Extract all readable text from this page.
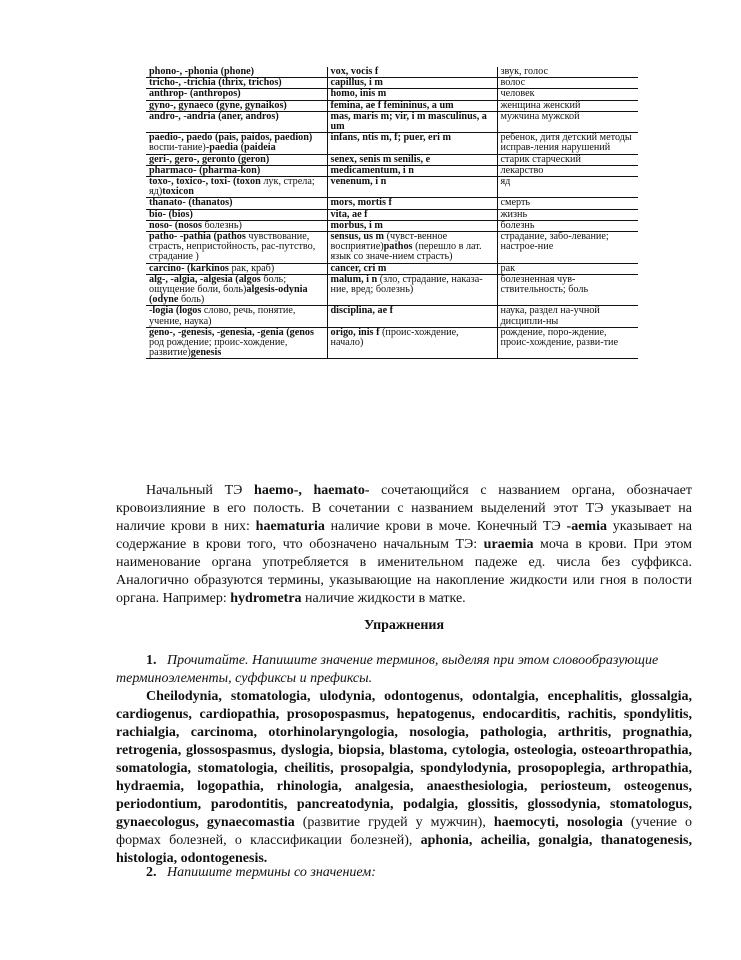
phono-, -phonia (phone)	vox, vocis f	звук, голос
tricho-, -trichia (thrix, trichos)	capillus, i m	волос
anthrop- (anthropos)	homo, inis m	человек
gyno-, gynaeco (gyne, gynaikos)	femina, ae f femininus, a um	женщина женский
andro-, -andria (aner, andros)	mas, maris m; vir, i m masculinus, a um	мужчина мужской
paedio-, paedo (pais, paidos, paedion) воспи-тание)-paedia (paideia	infans, ntis m, f; puer, eri m	ребенок, дитя детский методы исправ-ления нарушений
geri-, gero-, geronto (geron)	senex, senis m senilis, e	старик старческий
pharmaco- (pharma-kon)	medicamentum, i n	лекарство
toxo-, toxico-, toxi- (toxon лук, стрела; яд)toxicon	venenum, i n	яд
thanato- (thanatos)	mors, mortis f	смерть
bio- (bios)	vita, ae f	жизнь
noso- (nosos болезнь)	morbus, i m	болезнь
patho- -pathia (pathos чувствование, страсть, непристойность, рас-путство, страдание )	sensus, us m (чувст-венное восприятие)pathos (перешло в лат. язык со значе-нием страсть)	страдание, забо-левание; настрое-ние
carcino- (karkinos рак, краб)	cancer, cri m	рак
alg-, -algia, -algesia (algos боль; ощущение боли, боль)algesis-odynia (odyne боль)	malum, i n (зло, страдание, наказа-ние, вред; болезнь)	болезненная чув-ствительность; боль
-logia (logos слово, речь, понятие, учение, наука)	disciplina, ae f	наука, раздел на-учной дисципли-ны
geno-, -genesis, -genesia, -genia (genos род рождение; проис-хождение, развитие)genesis	origo, inis f (проис-хождение, начало)	рождение, поро-ждение, проис-хождение, разви-тие

Начальный ТЭ haemo-, haemato- сочетающийся с названием органа, обозначает кровоизлияние в его полость. В сочетании с названием выделений этот ТЭ указывает на наличие крови в них: haematuria наличие крови в моче. Конечный ТЭ -aemia указывает на содержание в крови того, что обозначено начальным ТЭ: uraemia моча в крови. При этом наименование органа употребляется в именительном падеже ед. числа без суффикса. Аналогично образуются термины, указывающие на накопление жидкости или гноя в полости органа. Например: hydrometra наличие жидкости в матке.

Упражнения

1. Прочитайте. Напишите значение терминов, выделяя при этом словообразующие терминоэлементы, суффиксы и префиксы.

Cheilodynia, stomatologia, ulodynia, odontogenus, odontalgia, encephalitis, glossalgia, cardiogenus, cardiopathia, prosopospasmus, hepatogenus, endocarditis, rachitis, spondylitis, rachialgia, carcinoma, otorhinolaryngologia, nosologia, pathologia, arthritis, prognathia, retrogenia, glossospasmus, dyslogia, biopsia, blastoma, cytologia, osteologia, osteoarthropathia, somatologia, stomatologia, cheilitis, prosopalgia, spondylodynia, prosopoplegia, arthropathia, hydraemia, logopathia, rhinologia, analgesia, anaesthesiologia, periosteum, osteogenus, periodontium, parodontitis, pancreatodynia, podalgia, glossitis, glossodynia, stomatologus, gynaecologus, gynaecomastia (развитие грудей у мужчин), haemocyti, nosologia (учение о формах болезней, о классификации болезней), aphonia, acheilia, gonalgia, thanatogenesis, histologia, odontogenesis.

2. Напишите термины со значением:
